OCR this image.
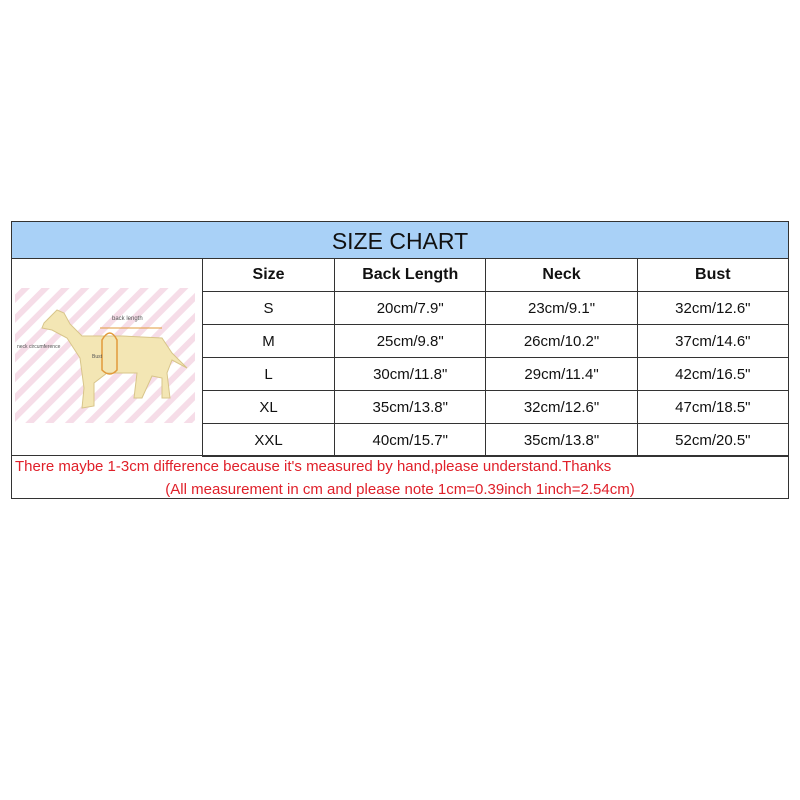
SIZE CHART
back length
neck circumference
Bust
Size	Back Length	Neck	Bust
S	20cm/7.9"	23cm/9.1"	32cm/12.6"
M	25cm/9.8"	26cm/10.2"	37cm/14.6"
L	30cm/11.8"	29cm/11.4"	42cm/16.5"
XL	35cm/13.8"	32cm/12.6"	47cm/18.5"
XXL	40cm/15.7"	35cm/13.8"	52cm/20.5"
There maybe 1-3cm difference because it's measured by hand,please understand.Thanks
(All measurement in cm and please note 1cm=0.39inch 1inch=2.54cm)
